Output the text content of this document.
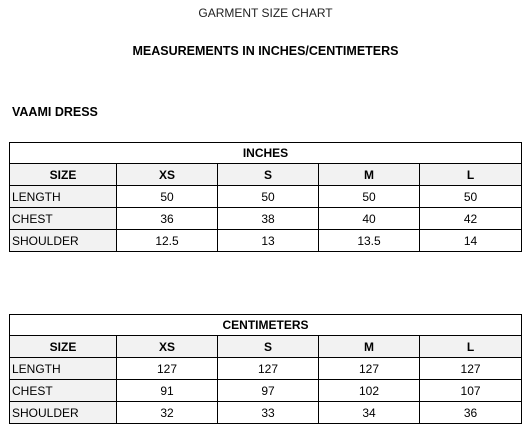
GARMENT SIZE CHART
MEASUREMENTS IN INCHES/CENTIMETERS
VAAMI DRESS
INCHES				
SIZE	XS	S	M	L
LENGTH	50	50	50	50
CHEST	36	38	40	42
SHOULDER	12.5	13	13.5	14
CENTIMETERS				
SIZE	XS	S	M	L
LENGTH	127	127	127	127
CHEST	91	97	102	107
SHOULDER	32	33	34	36
